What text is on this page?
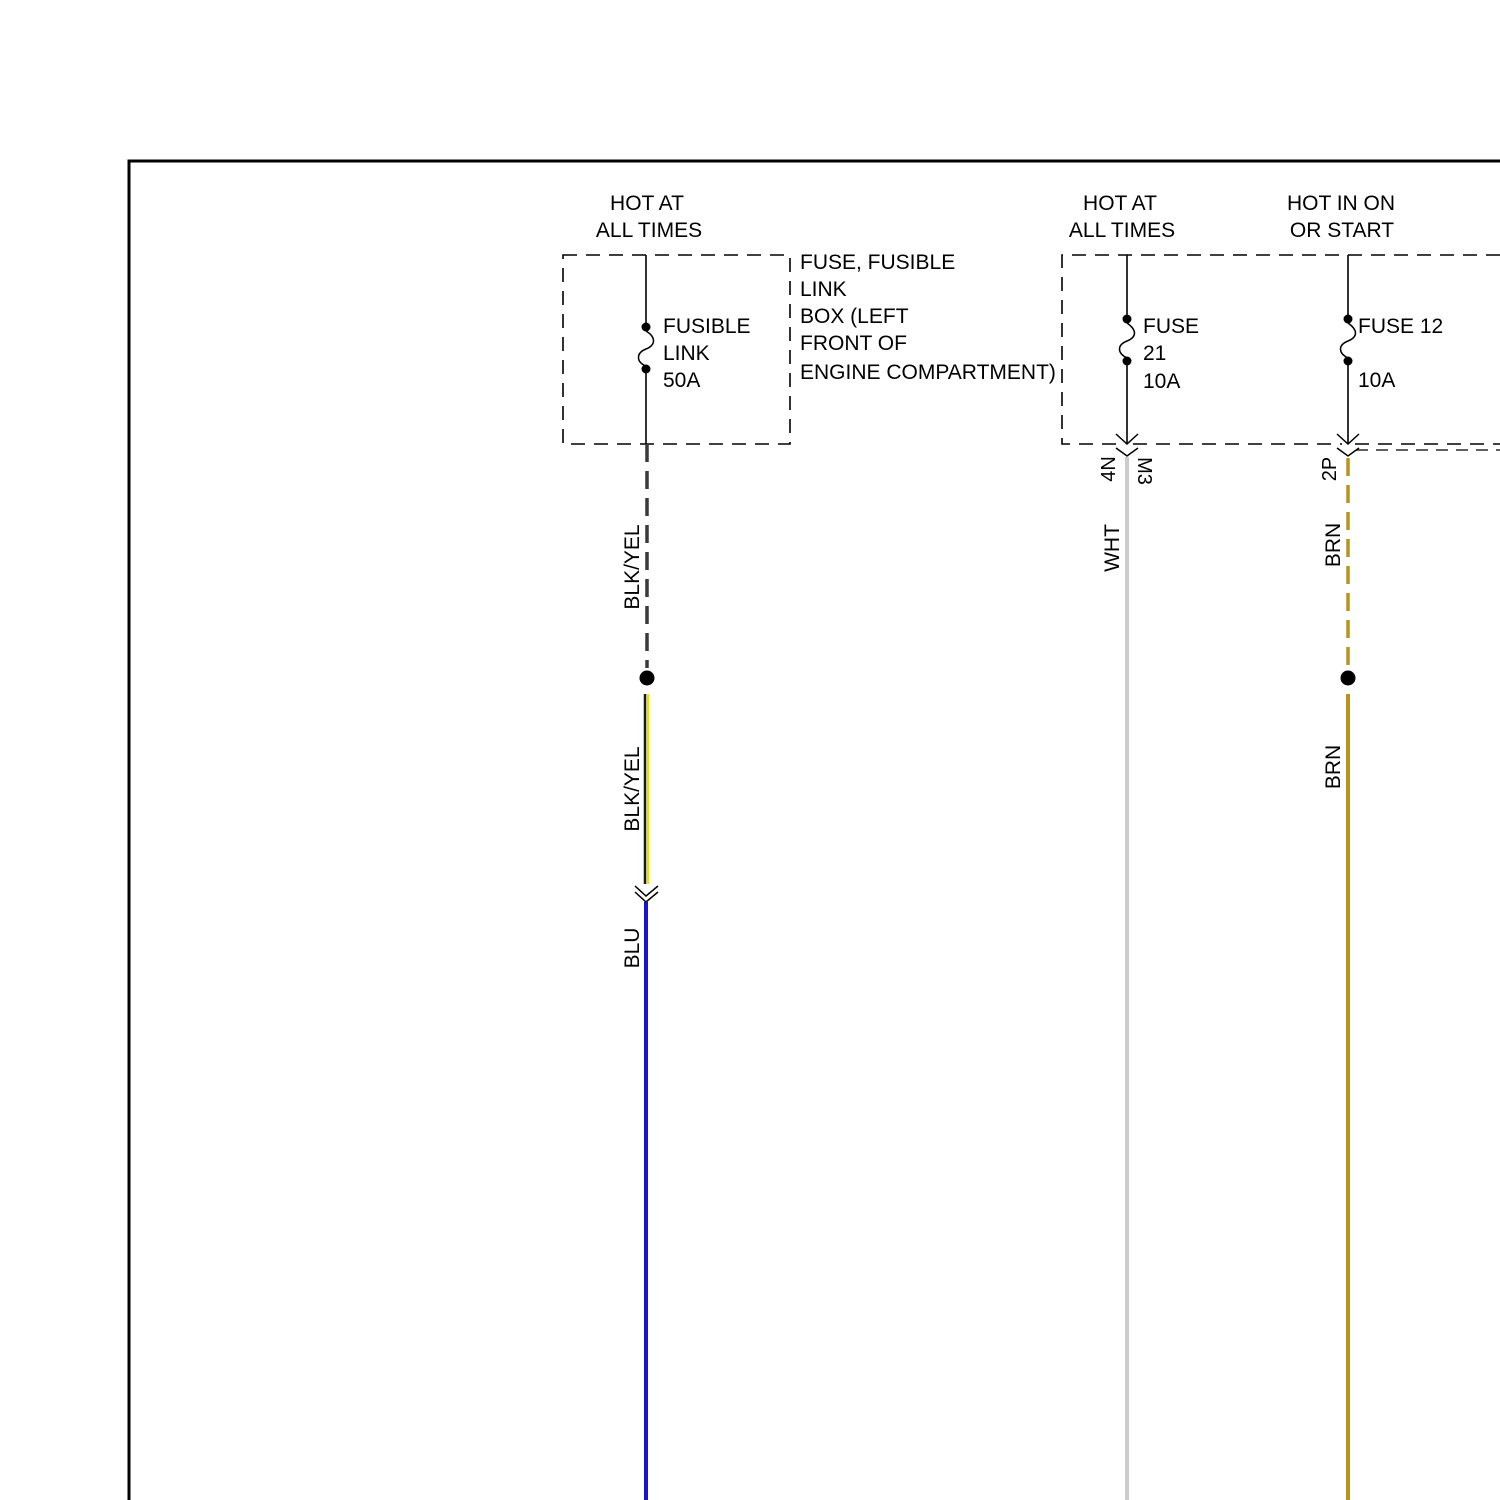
HOT AT
ALL TIMES
FUSIBLE
LINK
50A
FUSE, FUSIBLE
LINK
BOX (LEFT
FRONT OF
ENGINE COMPARTMENT)
BLK/YEL
BLK/YEL
BLU
HOT AT
ALL TIMES
FUSE
21
10A
4N M3
WHT
HOT IN ON
OR START
FUSE 12
10A
2P
BRN
BRN
